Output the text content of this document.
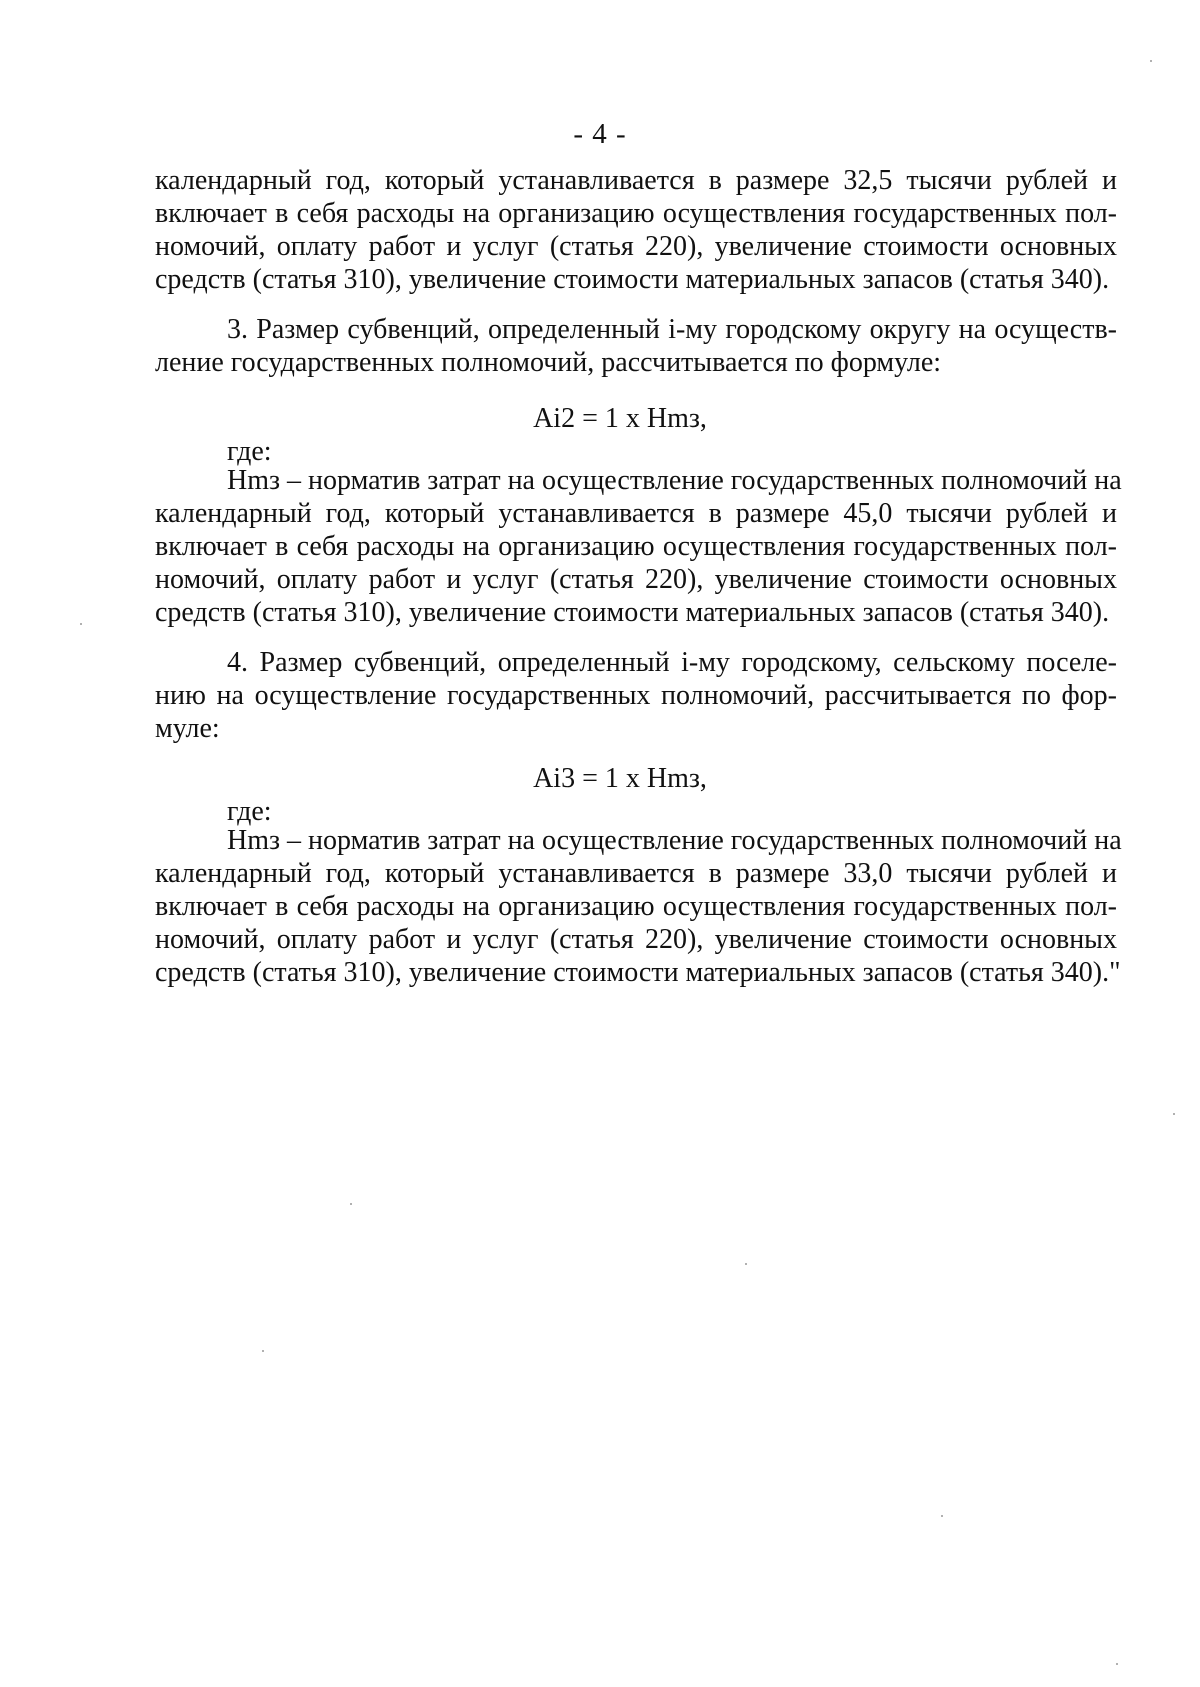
- 4 -
календарный год, который устанавливается в размере 32,5 тысячи рублей и
включает в себя расходы на организацию осуществления государственных пол-
номочий, оплату работ и услуг (статья 220), увеличение стоимости основных
средств (статья 310), увеличение стоимости материальных запасов (статья 340).
3. Размер субвенций, определенный i-му городскому округу на осуществ-
ление государственных полномочий, рассчитывается по формуле:
Ai2 = 1 х Hmз,
где:
Hmз – норматив затрат на осуществление государственных полномочий на
календарный год, который устанавливается в размере 45,0 тысячи рублей и
включает в себя расходы на организацию осуществления государственных пол-
номочий, оплату работ и услуг (статья 220), увеличение стоимости основных
средств (статья 310), увеличение стоимости материальных запасов (статья 340).
4. Размер субвенций, определенный i-му городскому, сельскому поселе-
нию на осуществление государственных полномочий, рассчитывается по фор-
муле:
Ai3 = 1 х Hmз,
где:
Hmз – норматив затрат на осуществление государственных полномочий на
календарный год, который устанавливается в размере 33,0 тысячи рублей и
включает в себя расходы на организацию осуществления государственных пол-
номочий, оплату работ и услуг (статья 220), увеличение стоимости основных
средств (статья 310), увеличение стоимости материальных запасов (статья 340)."
